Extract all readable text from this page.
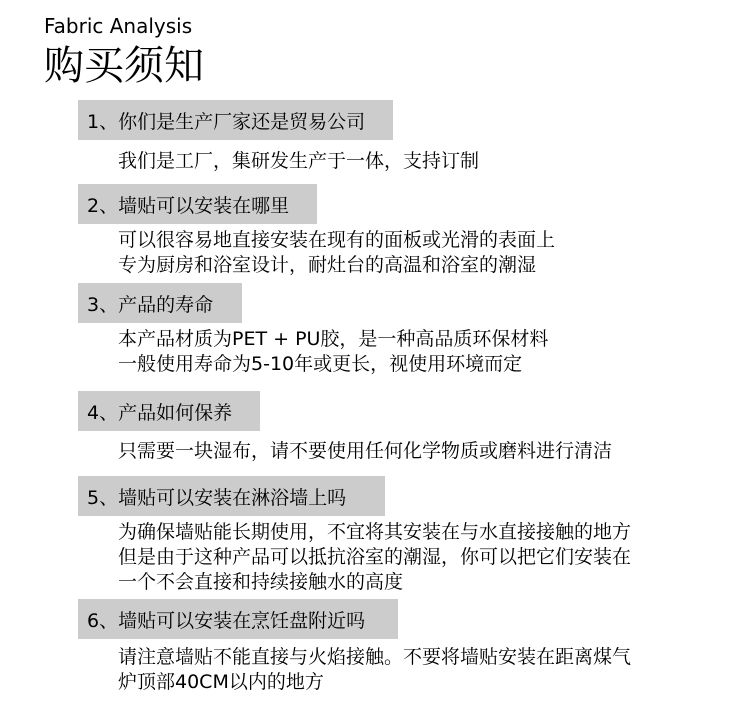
Fabric Analysis
购买须知
1、你们是生产厂家还是贸易公司
我们是工厂，集研发生产于一体，支持订制
2、墙贴可以安装在哪里
可以很容易地直接安装在现有的面板或光滑的表面上
专为厨房和浴室设计，耐灶台的高温和浴室的潮湿
3、产品的寿命
本产品材质为PET + PU胶，是一种高品质环保材料
一般使用寿命为5-10年或更长，视使用环境而定
4、产品如何保养
只需要一块湿布，请不要使用任何化学物质或磨料进行清洁
5、墙贴可以安装在淋浴墙上吗
为确保墙贴能长期使用，不宜将其安装在与水直接接触的地方
但是由于这种产品可以抵抗浴室的潮湿，你可以把它们安装在
一个不会直接和持续接触水的高度
6、墙贴可以安装在烹饪盘附近吗
请注意墙贴不能直接与火焰接触。不要将墙贴安装在距离煤气
炉顶部40CM以内的地方
